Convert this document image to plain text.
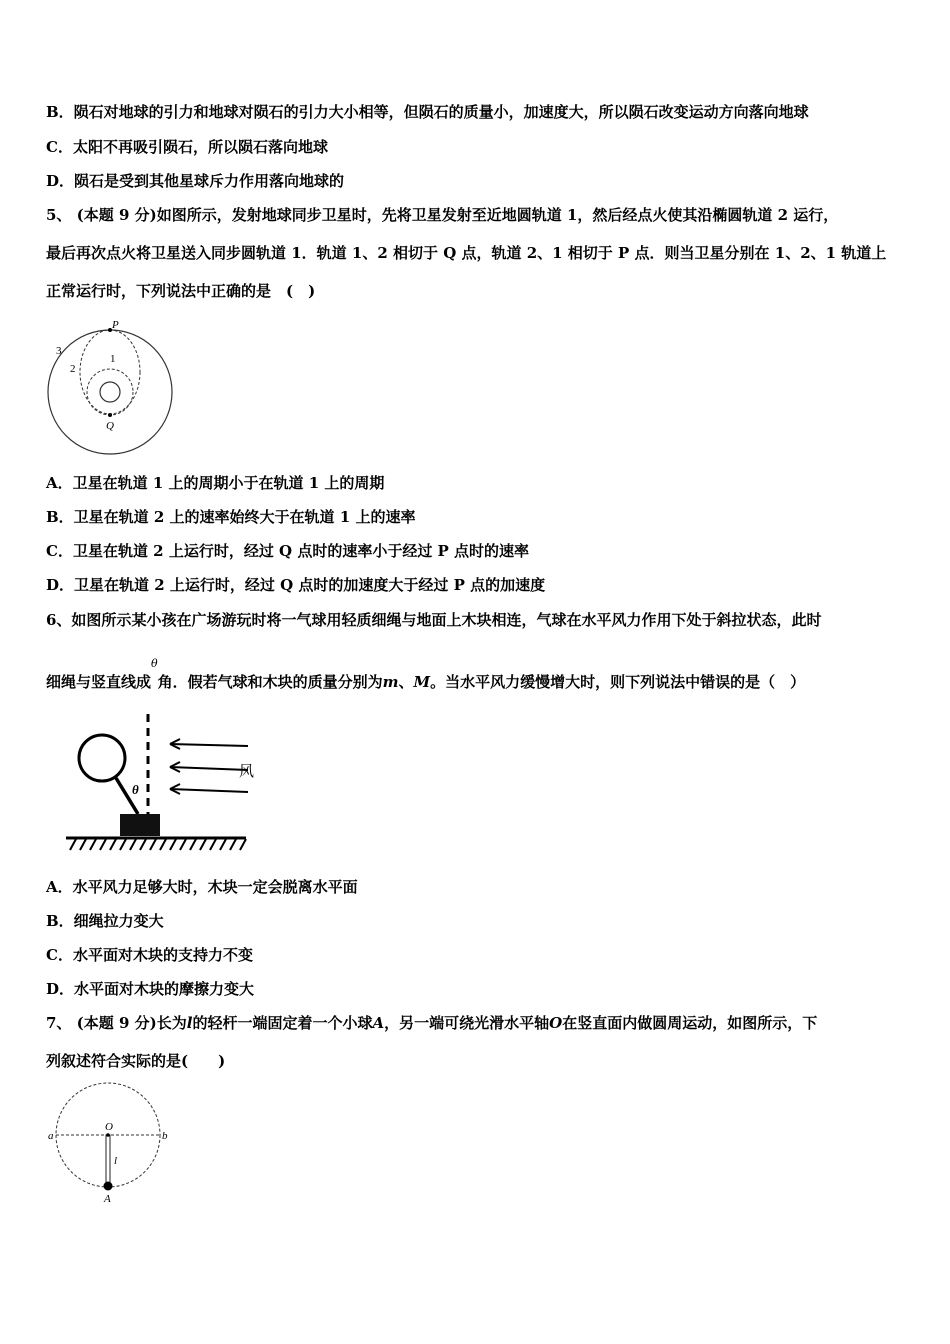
B．陨石对地球的引力和地球对陨石的引力大小相等，但陨石的质量小，加速度大，所以陨石改变运动方向落向地球
C．太阳不再吸引陨石，所以陨石落向地球
D．陨石是受到其他星球斥力作用落向地球的
5、 (本题 9 分)如图所示，发射地球同步卫星时，先将卫星发射至近地圆轨道 1，然后经点火使其沿椭圆轨道 2 运行，
最后再次点火将卫星送入同步圆轨道 1．轨道 1、2 相切于 Q 点，轨道 2、1 相切于 P 点．则当卫星分别在 1、2、1 轨道上
正常运行时，下列说法中正确的是　(　)
P
Q
1
2
3
A．卫星在轨道 1 上的周期小于在轨道 1 上的周期
B．卫星在轨道 2 上的速率始终大于在轨道 1 上的速率
C．卫星在轨道 2 上运行时，经过 Q 点时的速率小于经过 P 点时的速率
D．卫星在轨道 2 上运行时，经过 Q 点时的加速度大于经过 P 点的加速度
6、如图所示某小孩在广场游玩时将一气球用轻质细绳与地面上木块相连，气球在水平风力作用下处于斜拉状态，此时
细绳与竖直线成$^\theta$角．假若气球和木块的质量分别为m、M。当水平风力缓慢增大时，则下列说法中错误的是（　）
θ
风
A．水平风力足够大时，木块一定会脱离水平面
B．细绳拉力变大
C．水平面对木块的支持力不变
D．水平面对木块的摩擦力变大
7、 (本题 9 分)长为l的轻杆一端固定着一个小球A，另一端可绕光滑水平轴O在竖直面内做圆周运动，如图所示，下
列叙述符合实际的是(　　)
O
a	b
l
A
